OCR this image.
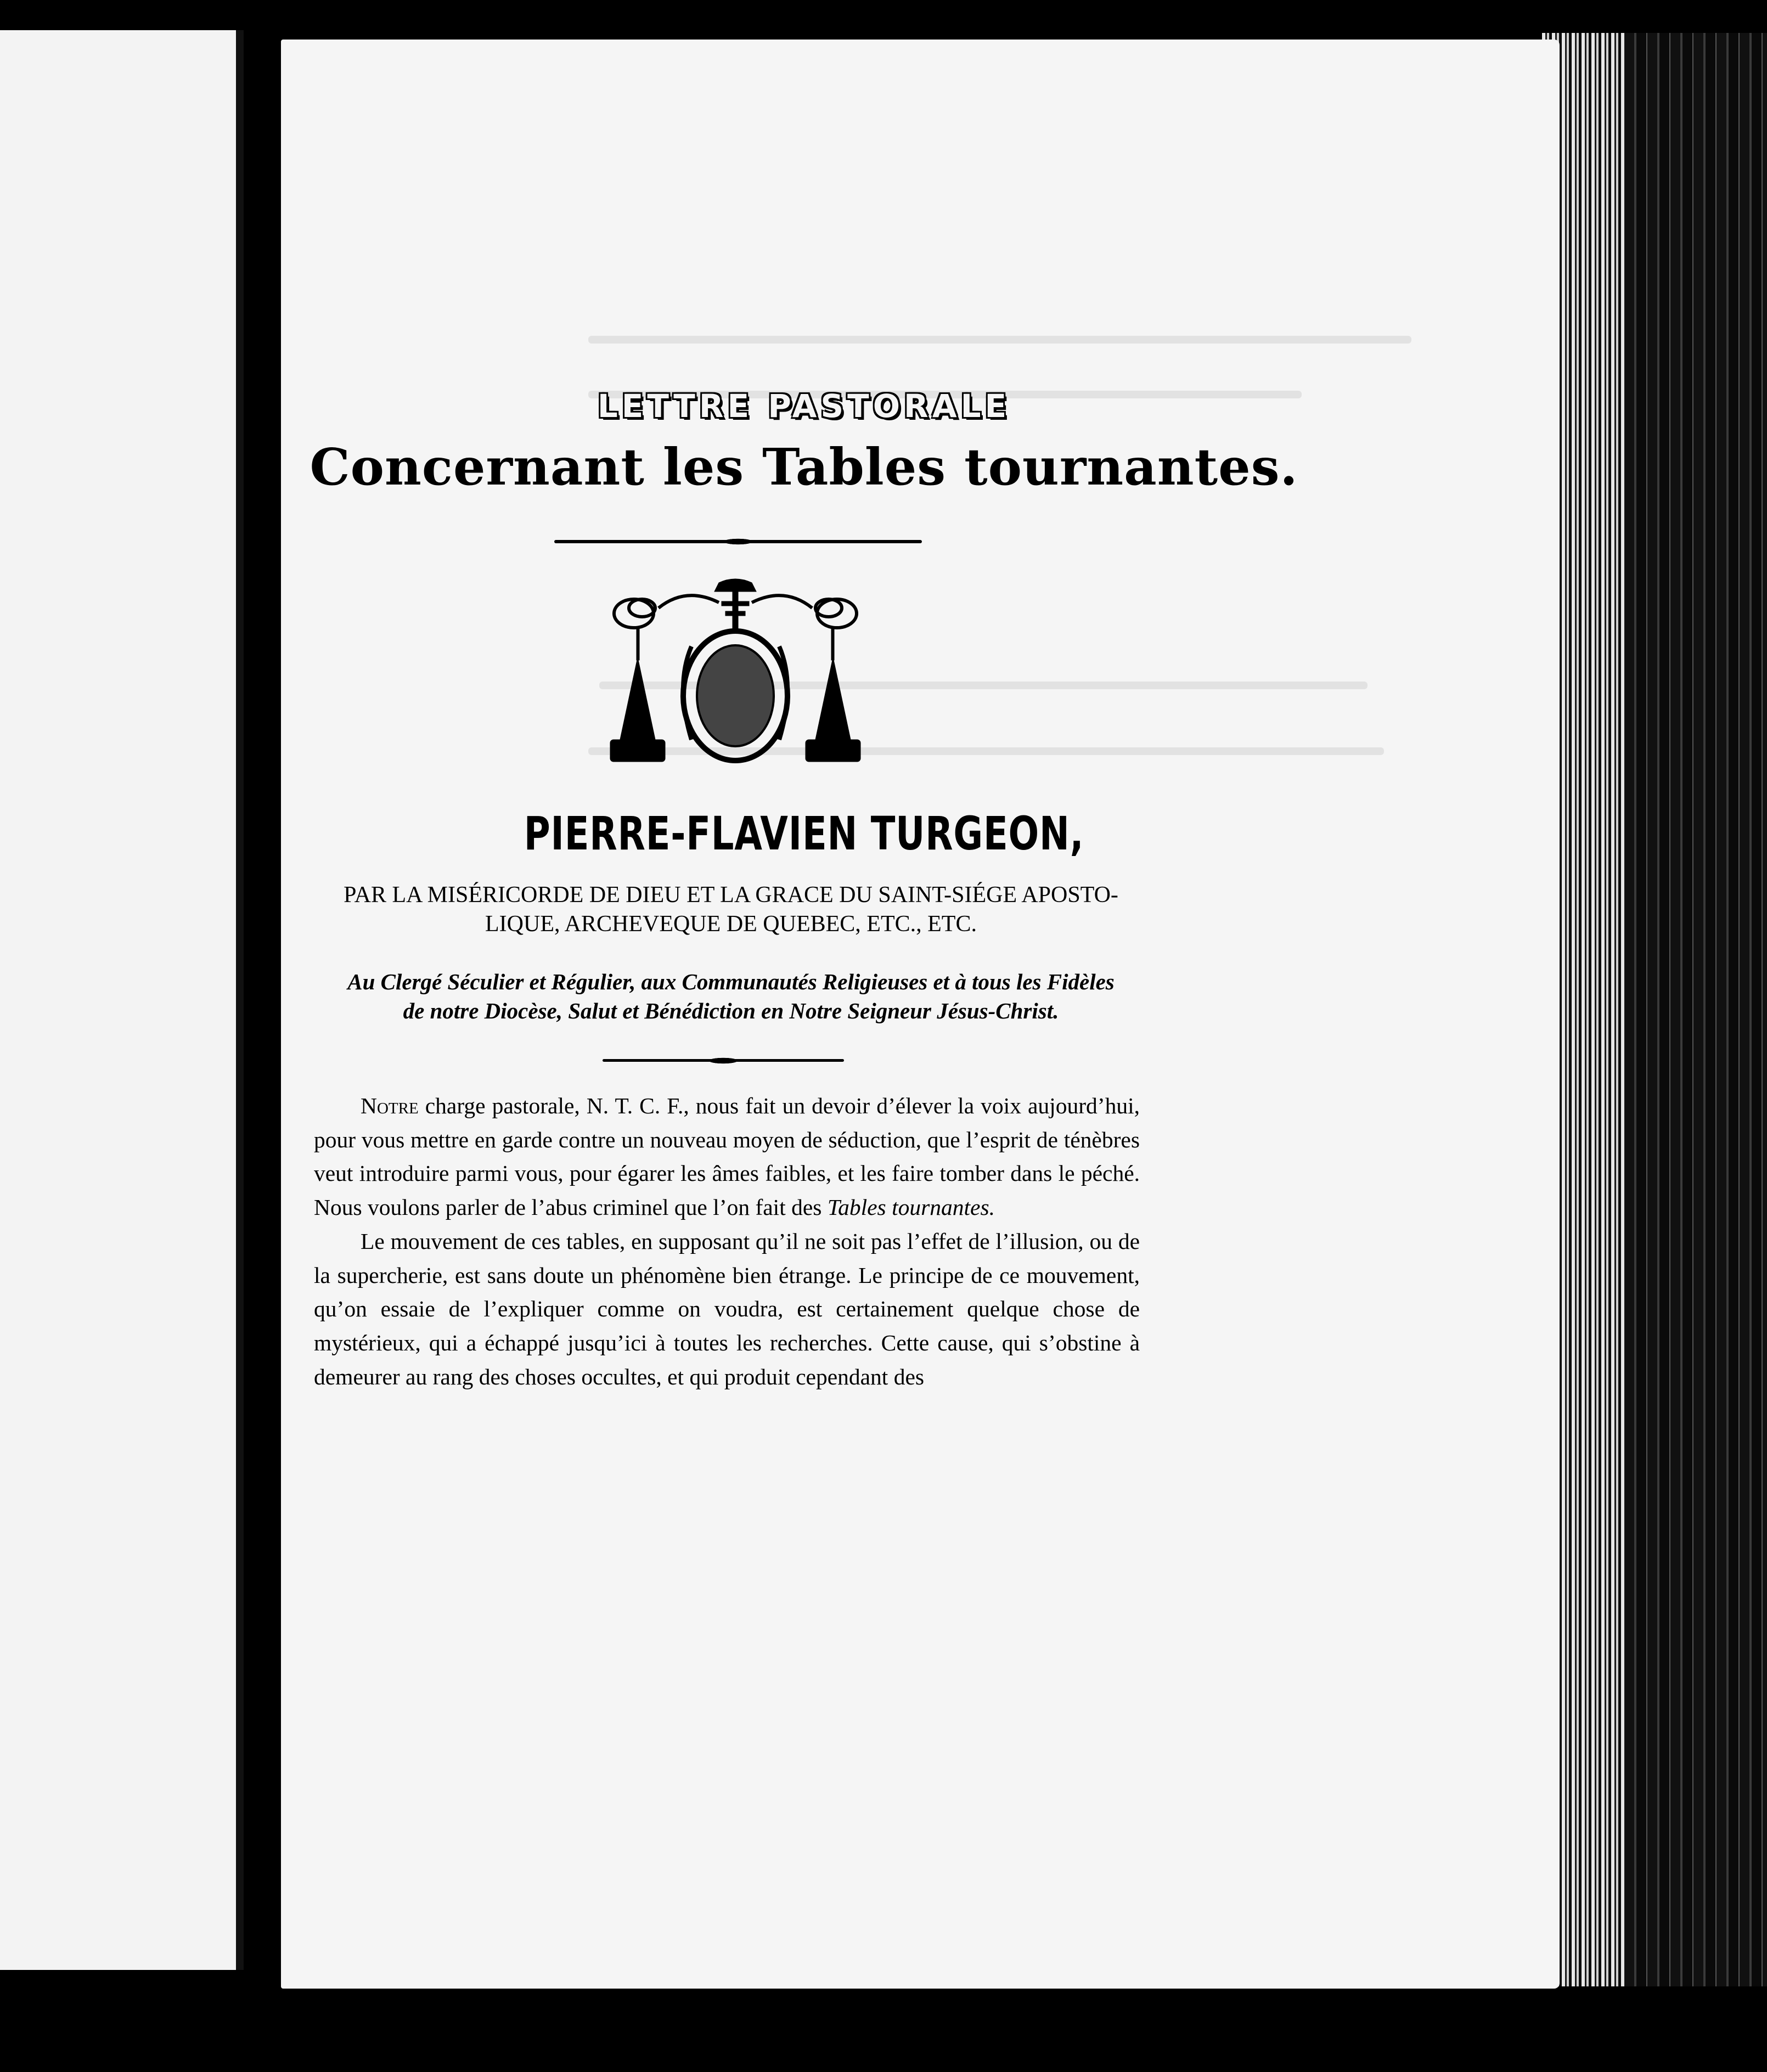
LETTRE PASTORALE
Concernant les Tables tournantes.
PIERRE-FLAVIEN TURGEON,
PAR LA MISÉRICORDE DE DIEU ET LA GRACE DU SAINT-SIÉGE APOSTO-
LIQUE, ARCHEVEQUE DE QUEBEC, ETC., ETC.
Au Clergé Séculier et Régulier, aux Communautés Religieuses et à tous les Fidèles
de notre Diocèse, Salut et Bénédiction en Notre Seigneur Jésus-Christ.

Notre charge pastorale, N. T. C. F., nous fait un devoir d’élever la voix aujourd’hui, pour vous mettre en garde contre un nouveau moyen de séduction, que l’esprit de ténèbres veut introduire parmi vous, pour égarer les âmes faibles, et les faire tomber dans le péché. Nous voulons parler de l’abus criminel que l’on fait des Tables tournantes.

Le mouvement de ces tables, en supposant qu’il ne soit pas l’effet de l’illusion, ou de la supercherie, est sans doute un phénomène bien étrange. Le principe de ce mouvement, qu’on essaie de l’expliquer comme on voudra, est certainement quelque chose de mystérieux, qui a échappé jusqu’ici à toutes les recherches. Cette cause, qui s’obstine à demeurer au rang des choses occultes, et qui produit cependant des
